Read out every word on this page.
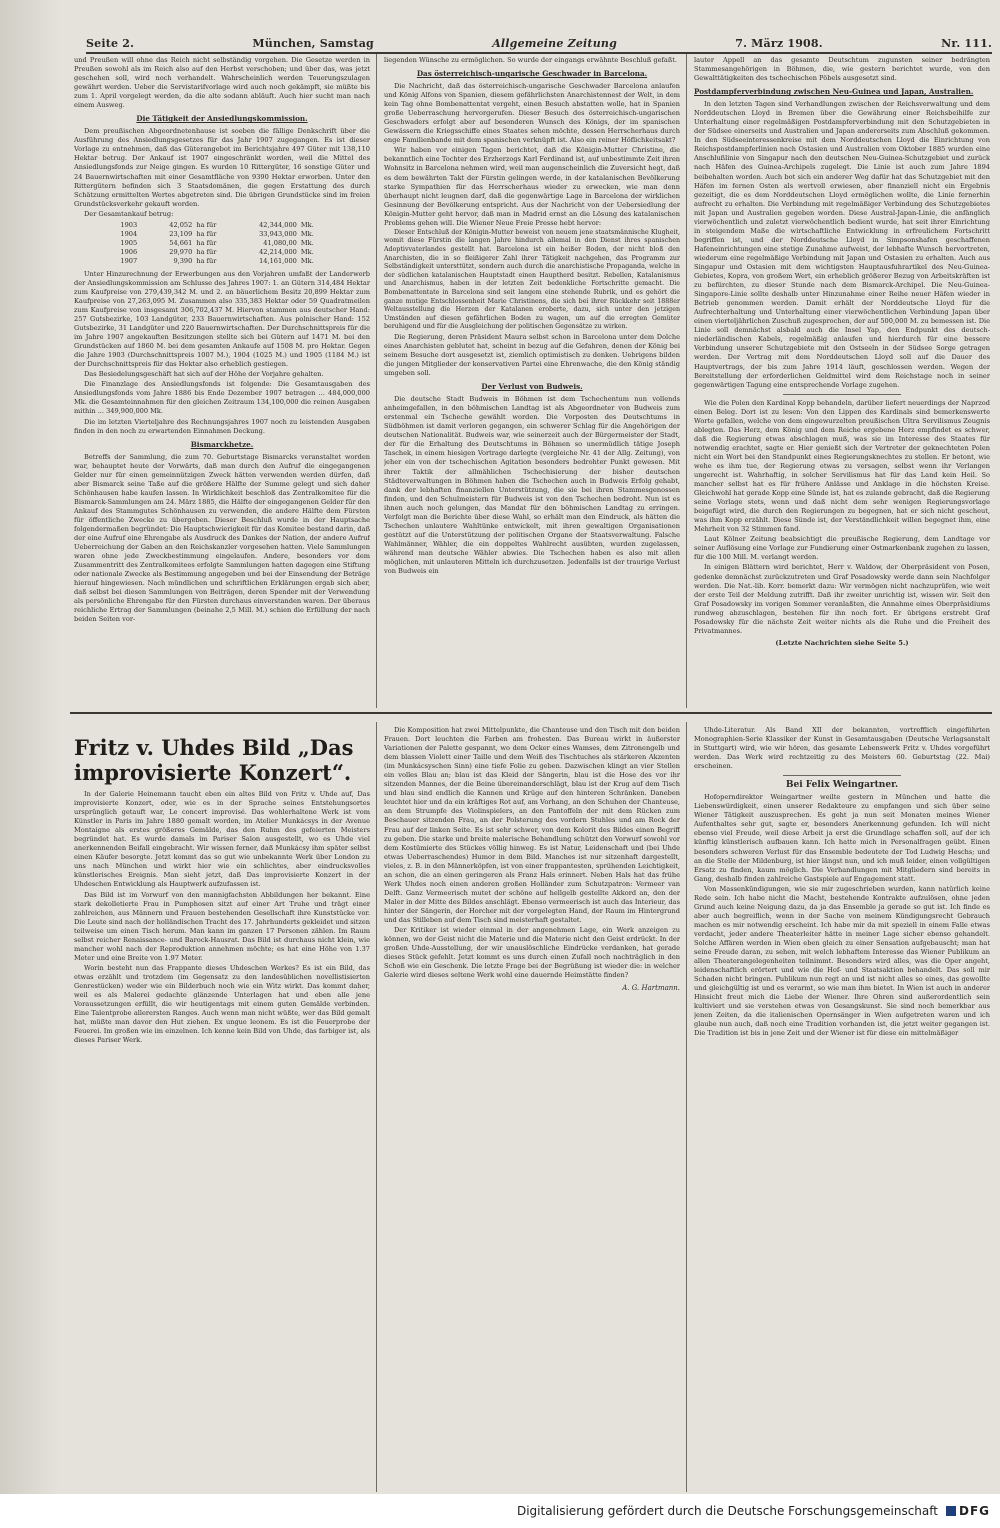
Seite 2.	München, Samstag	Allgemeine Zeitung	7. März 1908.	Nr. 111.

und Preußen will ohne das Reich nicht selbständig vorgehen. Die Gesetze werden in Preußen sowohl als im Reich also auf den Herbst verschoben; und über das, was jetzt geschehen soll, wird noch verhandelt. Wahrscheinlich werden Teuerungszulagen gewährt werden. Ueber die Servistarifvorlage wird auch noch gekämpft, sie müßte bis zum 1. April vorgelegt werden, da die alte sodann abläuft. Auch hier sucht man nach einem Ausweg.

Die Tätigkeit der Ansiedlungskommission.

Dem preußischen Abgeordnetenhause ist soeben die fällige Denkschrift über die Ausführung des Ansiedlungsgesetzes für das Jahr 1907 zugegangen. Es ist dieser Vorlage zu entnehmen, daß das Güterangebot im Berichtsjahre 497 Güter mit 138,110 Hektar betrug. Der Ankauf ist 1907 eingeschränkt worden, weil die Mittel des Ansiedlungsfonds zur Neige gingen. Es wurden 10 Rittergüter, 16 sonstige Güter und 24 Bauernwirtschaften mit einer Gesamtfläche von 9390 Hektar erworben. Unter den Rittergütern befinden sich 3 Staatsdomänen, die gegen Erstattung des durch Schätzung ermittelten Wertes abgetreten sind. Die übrigen Grundstücke sind im freien Grundstücksverkehr gekauft worden.

Der Gesamtankauf betrug:

1903	42,052	ha für	42,344,000	Mk.
1904	23,109	ha für	33,943,000	Mk.
1905	54,661	ha für	41,080,00	Mk.
1906	29,970	ha für	42,214,000	Mk.
1907	9,390	ha für	14,161,000	Mk.

Unter Hinzurechnung der Erwerbungen aus den Vorjahren umfaßt der Landerwerb der Ansiedlungskommission am Schlusse des Jahres 1907: 1. an Gütern 314,484 Hektar zum Kaufpreise von 279,439,342 M. und 2. an bäuerlichem Besitz 20,899 Hektar zum Kaufpreise von 27,263,095 M. Zusammen also 335,383 Hektar oder 59 Quadratmeilen zum Kaufpreise von insgesamt 306,702,437 M. Hiervon stammen aus deutscher Hand: 257 Gutsbezirke, 103 Landgüter, 233 Bauernwirtschaften. Aus polnischer Hand: 152 Gutsbezirke, 31 Landgüter und 220 Bauernwirtschaften. Der Durchschnittspreis für die im Jahre 1907 angekauften Besitzungen stellte sich bei Gütern auf 1471 M. bei den Grundstücken auf 1860 M. bei dem gesamten Ankaufe auf 1508 M. pro Hektar. Gegen die Jahre 1903 (Durchschnittspreis 1007 M.), 1904 (1025 M.) und 1905 (1184 M.) ist der Durchschnittspreis für das Hektar also erheblich gestiegen.

Das Besiedelungsgeschäft hat sich auf der Höhe der Vorjahre gehalten.

Die Finanzlage des Ansiedlungsfonds ist folgende: Die Gesamtausgaben des Ansiedlungsfonds vom Jahre 1886 bis Ende Dezember 1907 betragen ... 484,000,000 Mk. die Gesamteinnahmen für den gleichen Zeitraum 134,100,000 die reinen Ausgaben mithin ... 349,900,000 Mk.

Die im letzten Vierteljahre des Rechnungsjahres 1907 noch zu leistenden Ausgaben finden in den noch zu erwartenden Einnahmen Deckung.

Bismarckhetze.

Betreffs der Sammlung, die zum 70. Geburtstage Bismarcks veranstaltet worden war, behauptet heute der Vorwärts, daß man durch den Aufruf die eingegangenen Gelder nur für einen gemeinnützigen Zweck hätten verwenden werden dürfen, daß aber Bismarck seine Taße auf die größere Hälfte der Summe gelegt und sich daher Schönhausen habe kaufen lassen. In Wirklichkeit beschloß das Zentralkomitee für die Bismarck-Sammlungen am 24. März 1885, die Hälfte der eingegangenen Gelder für den Ankauf des Stammgutes Schönhausen zu verwenden, die andere Hälfte dem Fürsten für öffentliche Zwecke zu übergeben. Dieser Beschluß wurde in der Hauptsache folgendermaßen begründet: Die Hauptschwierigkeit für das Komitee bestand darin, daß der eine Aufruf eine Ehrengabe als Ausdruck des Dankes der Nation, der andere Aufruf Ueberreichung der Gaben an den Reichskanzler vorgesehen hatten. Viele Sammlungen waren ohne jede Zweckbestimmung eingelaufen. Andere, besonders vor dem Zusammentritt des Zentralkomitees erfolgte Sammlungen hatten dagegen eine Stiftung oder nationale Zwecke als Bestimmung angegeben und bei der Einsendung der Beträge hierauf hingewiesen. Nach mündlichen und schriftlichen Erklärungen ergab sich aber, daß selbst bei diesen Sammlungen von Beiträgen, deren Spender mit der Verwendung als persönliche Ehrengabe für den Fürsten durchaus einverstanden waren. Der überaus reichliche Ertrag der Sammlungen (beinahe 2,5 Mill. M.) schien die Erfüllung der nach beiden Seiten vor-

liegenden Wünsche zu ermöglichen. So wurde der eingangs erwähnte Beschluß gefaßt.

Das österreichisch-ungarische Geschwader in Barcelona.

Die Nachricht, daß das österreichisch-ungarische Geschwader Barcelona anlaufen und König Alfons von Spanien, diesem gefährlichsten Anarchistennest der Welt, in dem kein Tag ohne Bombenattentat vergeht, einen Besuch abstatten wolle, hat in Spanien große Ueberraschung hervorgerufen. Dieser Besuch des österreichisch-ungarischen Geschwaders erfolgt aber auf besonderen Wunsch des Königs, der im spanischen Gewässern die Kriegsschiffe eines Staates sehen möchte, dessen Herrscherhaus durch enge Familienbande mit dem spanischen verknüpft ist. Also ein reiner Höflichkeitsakt?

Wir haben vor einigen Tagen berichtet, daß die Königin-Mutter Christine, die bekanntlich eine Tochter des Erzherzogs Karl Ferdinand ist, auf unbestimmte Zeit ihren Wohnsitz in Barcelona nehmen wird, weil man augenscheinlich die Zuversicht hegt, daß es dem bewährten Takt der Fürstin gelingen werde, in der katalanischen Bevölkerung starke Sympathien für das Herrscherhaus wieder zu erwecken, wie man denn überhaupt nicht leugnen darf, daß die gegenwärtige Lage in Barcelona der wirklichen Gesinnung der Bevölkerung entspricht. Aus der Nachricht von der Uebersiedlung der Königin-Mutter geht hervor, daß man in Madrid ernst an die Lösung des katalanischen Problems gehen will. Die Wiener Neue Freie Presse hebt hervor:

Dieser Entschluß der Königin-Mutter beweist von neuem jene staatsmännische Klugheit, womit diese Fürstin die langen Jahre hindurch allemal in den Dienst ihres spanischen Adoptivvaterlandes gestellt hat. Barcelona ist ein heißer Boden, der nicht bloß den Anarchisten, die in so fleißigerer Zahl ihrer Tätigkeit nachgehen, das Programm zur Selbständigkeit untersttützt, sondern auch durch die anarchistische Propaganda, welche in der südlichen katalanischen Hauptstadt einen Hauptherd besitzt. Rebellen, Katalanismus und Anarchismus, haben in der letzten Zeit bedenkliche Fortschritte gemacht. Die Bombenattentate in Barcelona sind seit langem eine stehende Rubrik, und es gehört die ganze mutige Entschlossenheit Marie Christinens, die sich bei ihrer Rückkehr seit 1888er Weltausstellung die Herzen der Katalanen eroberte, dazu, sich unter den jetzigen Umständen auf diesen gefährlichen Boden zu wagen, um auf die erregten Gemüter beruhigend und für die Ausgleichung der politischen Gegensätze zu wirken.

Die Regierung, deren Präsident Maura selbst schon in Barcelona unter dem Dolche eines Anarchisten geblutet hat, scheint in bezug auf die Gefahren, denen der König bei seinem Besuche dort ausgesetzt ist, ziemlich optimistisch zu denken. Uebrigens bilden die jungen Mitglieder der konservativen Partei eine Ehrenwache, die den König ständig umgeben soll.

Der Verlust von Budweis.

Die deutsche Stadt Budweis in Böhmen ist dem Tschechentum nun vollends anheimgefallen, in den böhmischen Landtag ist als Abgeordneter von Budweis zum erstenmal ein Tscheche gewählt worden. Die Vorposten des Deutschtums in Südböhmen ist damit verloren gegangen, ein schwerer Schlag für die Angehörigen der deutschen Nationalität. Budweis war, wie seinerzeit auch der Bürgermeister der Stadt, der für die Erhaltung des Deutschtums in Böhmen so unermüdlich tätige Joseph Taschek, in einem hiesigen Vortrage darlegte (vergleiche Nr. 41 der Allg. Zeitung), von jeher ein von der tschechischen Agitation besonders bedrohter Punkt gewesen. Mit ihrer Taktik der allmählichen Tschechisierung der bisher deutschen Städteverwaltungen in Böhmen haben die Tschechen auch in Budweis Erfolg gehabt, dank der lebhaften finanziellen Unterstützung, die sie bei ihren Stammesgenossen finden, und den Schulmeistern für Budweis ist von den Tschechen bedroht. Nun ist es ihnen auch noch gelungen, das Mandat für den böhmischen Landtag zu erringen. Verfolgt man die Berichte über diese Wahl, so erhält man den Eindruck, als hätten die Tschechen unlautere Wahltünke entwickelt, mit ihren gewaltigen Organisationen gestützt auf die Unterstützung der politischen Organe der Staatsverwaltung. Falsche Wahlmänner, Wähler, die ein doppeltes Wahlrecht ausübten, wurden zugelassen, während man deutsche Wähler abwies. Die Tschechen haben es also mit allen möglichen, mit unlauteren Mitteln ich durchzusetzen. Jedenfalls ist der traurige Verlust von Budweis ein

lauter Appell an das gesamte Deutschtum zugunsten seiner bedrängten Stammesangehörigen in Böhmen, die, wie gestern berichtet wurde, von den Gewalttätigkeiten des tschechischen Pöbels ausgesetzt sind.

Postdampferverbindung zwischen Neu-Guinea und Japan, Australien.

In den letzten Tagen sind Verhandlungen zwischen der Reichsverwaltung und dem Norddeutschen Lloyd in Bremen über die Gewährung einer Reichsbeihilfe zur Unterhaltung einer regelmäßigen Postdampferverbindung mit den Schutzgebieten in der Südsee einerseits und Australien und Japan andererseits zum Abschluß gekommen. In den Südseeinteressenkreise mit dem Norddeutschen Lloyd die Einrichtung von Reichspostdampferlinien nach Ostasien und Australien vom Oktober 1885 wurden eine Anschlußlinie von Singapur nach den deutschen Neu-Guinea-Schutzgebiet und zurück nach Häfen des Guinea-Archipels zugelegt. Die Linie ist auch zum Jahre 1894 beibehalten worden. Auch bot sich ein anderer Weg dafür hat das Schutzgebiet mit den Häfen im fernen Osten als wertvoll erwiesen, aber finanziell nicht ein Ergebnis gezeitigt, die es dem Norddeutschen Lloyd ermöglichen wollte, die Linie fernerhin aufrecht zu erhalten. Die Verbindung mit regelmäßiger Verbindung des Schutzgebietes mit Japan und Australien gegeben worden. Diese Austral-Japan-Linie, die anfänglich vierwöchentlich und zuletzt vierwöchentlich bedient wurde, hat seit ihrer Einrichtung in steigendem Maße die wirtschaftliche Entwicklung in erfreulichem Fortschritt begriffen ist, und der Norddeutsche Lloyd in Simpsonshafen geschaffenen Hafeneinrichtungen eine stetige Zunahme aufweist, der lebhafte Wunsch hervortreten, wiederum eine regelmäßige Verbindung mit Japan und Ostasien zu erhalten. Auch aus Singapur und Ostasien mit dem wichtigsten Hauptausfuhrartikel des Neu-Guinea-Gebietes, Kopra, von großem Wert, ein erheblich größerer Bezug von Arbeitskräften ist zu befürchten, zu dieser Stunde nach dem Bismarck-Archipel. Die Neu-Guinea-Singapore-Linie sollte deshalb unter Hinzunahme einer Reihe neuer Häfen wieder in Betrieb genommen werden. Damit erhält der Norddeutsche Lloyd für die Aufrechterhaltung und Unterhaltung einer vierwöchentlichen Verbindung Japan über einen vierteljährlichen Zuschuß zugesprochen, der auf 500,000 M. zu bemessen ist. Die Linie soll demnächst alsbald auch die Insel Yap, den Endpunkt des deutsch-niederländischen Kabels, regelmäßig anlaufen und hierdurch für eine bessere Verbindung unserer Schutzgebiete mit den Ostseeln in der Südsee Sorge getragen werden. Der Vertrag mit dem Norddeutschen Lloyd soll auf die Dauer des Hauptvertrags, der bis zum Jahre 1914 läuft, geschlossen werden. Wegen der Bereitstellung der erforderlichen Geldmittel wird dem Reichstage noch in seiner gegenwärtigen Tagung eine entsprechende Vorlage zugehen.

Wie die Polen den Kardinal Kopp behandeln, darüber liefert neuerdings der Naprzod einen Beleg. Dort ist zu lesen: Von den Lippen des Kardinals sind bemerkenswerte Worte gefallen, welche von dem eingewurzelten preußischen Ultra Servilismus Zeugnis ablegten. Das Herz, dem König und dem Reiche ergebene Herz empfindet es schwer, daß die Regierung etwas abschlagen muß, was sie im Interesse des Staates für notwendig erachtet, sagte er. Hier genießt sich der Vertreter der geknechteten Polen nicht ein Wort bei den Standpunkt eines Regierungsknechtes zu stellen. Er betont, wie wehe es ihm tue, der Regierung etwas zu versagen, selbst wenn ihr Verlangen ungerecht ist. Wahrhaftig, in solcher Servilismus hat für das Land kein Heil. So mancher selbst hat es für frühere Anlässe und Anklage in die höchsten Kreise. Gleichwohl hat gerade Kopp eine Sünde ist, hat es zulande gebracht, daß die Regierung seine Vorlage stets, wenn und daß nicht dem sehr wenigen Regierungsvorlage beigefügt wird, die durch den Regierungen zu begegnen, hat er sich nicht gescheut, was ihm Kopp erzählt. Diese Sünde ist, der Verständlichkeit willen begegnet ihm, eine Mehrheit von 32 Stimmen fand.

Laut Kölner Zeitung beabsichtigt die preußische Regierung, dem Landtage vor seiner Auflösung eine Vorlage zur Fundierung einer Ostmarkenbank zugehen zu lassen, für die 100 Mill. M. verlangt werden.

In einigen Blättern wird berichtet, Herr v. Waldow, der Oberpräsident von Posen, gedenke demnächst zurückzutreten und Graf Posadowsky werde dann sein Nachfolger werden. Die Nat.-lib. Korr. bemerkt dazu: Wir vermögen nicht nachzuprüfen, wie weit der erste Teil der Meldung zutrifft. Daß ihr zweiter unrichtig ist, wissen wir. Seit den Graf Posadowsky im vorigen Sommer veranlaßten, die Annahme eines Oberpräsidiums rundweg abzuschlagen, bestehen für ihn noch fort. Er übrigens erstrebt Graf Posadowsky für die nächste Zeit weiter nichts als die Ruhe und die Freiheit des Privatmannes.

(Letzte Nachrichten siehe Seite 5.)
Fritz v. Uhdes Bild „Das improvisierte Konzert“.

In der Galerie Heinemann taucht eben ein altes Bild von Fritz v. Uhde auf, Das improvisierte Konzert, oder, wie es in der Sprache seines Entstehungsortes ursprünglich getauft war, Le concert improvisé. Das wohlerhaltene Werk ist vom Künstler in Paris im Jahre 1880 gemalt worden, im Atelier Munkácsys in der Avenue Montaigne als erstes größeres Gemälde, das den Ruhm des gefeierten Meisters begründet hat. Es wurde damals im Pariser Salon ausgestellt, wo es Uhde viel anerkennenden Beifall eingebracht. Wir wissen ferner, daß Munkácsy ihm später selbst einen Käufer besorgte. Jetzt kommt das so gut wie unbekannte Werk über London zu uns nach München und wirkt hier wie ein schlichtes, aber eindrucksvolles künstlerisches Ereignis. Man sieht jetzt, daß Das improvisierte Konzert in der Uhdeschen Entwicklung als Hauptwerk aufzufassen ist.

Das Bild ist im Vorwurf von den mannigfachsten Abbildungen her bekannt. Eine stark dekolletierte Frau in Pumphosen sitzt auf einer Art Truhe und trägt einer zahlreichen, aus Männern und Frauen bestehenden Gesellschaft ihre Kunststücke vor. Die Leute sind nach der holländischen Tracht des 17. Jahrhunderts gekleidet und sitzen teilweise um einen Tisch herum. Man kann im ganzen 17 Personen zählen. Im Raum selbst reicher Renaissance- und Barock-Hausrat. Das Bild ist durchaus nicht klein, wie mancher wohl nach der Reproduktion annehmen möchte; es hat eine Höhe von 1.37 Meter und eine Breite von 1.97 Meter.

Worin besteht nun das Frappante dieses Uhdeschen Werkes? Es ist ein Bild, das etwas erzählt und trotzdem (im Gegensatz zu den landesüblichen novellistisierten Genrestücken) weder wie ein Bilderbuch noch wie ein Witz wirkt. Das kommt daher, weil es als Malerei gedachte glänzende Unterlagen hat und eben alle jene Voraussetzungen erfüllt, die wir heutigentags mit einem guten Gemälde verbinden. Eine Talentprobe allerersten Ranges. Auch wenn man nicht wüßte, wer das Bild gemalt hat, müßte man davor den Hut ziehen. Ex ungue leonem. Es ist die Feuerprobe der Feuerei. Im großen wie im einzelnen. Ich kenne kein Bild von Uhde, das farbiger ist, als dieses Pariser Werk.

Die Komposition hat zwei Mittelpunkte, die Chanteuse und den Tisch mit den beiden Frauen. Dort leuchten die Farben am frohesten. Das Bureau wirkt in äußerster Variationen der Palette gespannt, wo dem Ocker eines Wamses, dem Zitronengelb und dem blassen Violett einer Taille und dem Weiß des Tischtuches als stärkeren Akzenten (im Munkácsyschen Sinn) eine tiefe Folie zu geben. Dazwischen klingt an vier Stellen ein volles Blau an; blau ist das Kleid der Sängerin, blau ist die Hose des vor ihr sitzenden Mannes, der die Beine übereinanderschlägt, blau ist der Krug auf dem Tisch und blau sind endlich die Kannen und Krüge auf den hinteren Schränken. Daneben leuchtet hier und da ein kräftiges Rot auf, am Vorhang, an den Schuhen der Chanteuse, an dem Strumpfe des Violinspielers, an den Pantoffeln der mit dem Rücken zum Beschauer sitzenden Frau, an der Polsterung des vordern Stuhles und am Rock der Frau auf der linken Seite. Es ist sehr schwer, von dem Kolorit des Bildes einen Begriff zu geben. Die starke und breite malerische Behandlung schützt den Vorwurf sowohl vor dem Kostümierte des Stückes völlig hinweg. Es ist Natur, Leidenschaft und (bei Uhde etwas Ueberraschendes) Humor in dem Bild. Manches ist nur sitzenhaft dargestellt, vieles, z. B. in den Männerköpfen, ist von einer frappantesten, sprühenden Leichtigkeit, an schon, die an einen geringeren als Franz Hals erinnert. Neben Hals hat das frühe Werk Uhdes noch einen anderen großen Holländer zum Schutzpatron: Vermeer van Delft. Ganz Vermeerisch mutet der schöne auf hellgelb gestellte Akkord an, den der Maler in der Mitte des Bildes anschlägt. Ebenso vermeerisch ist auch das Interieur, das hinter der Sängerin, der Horcher mit der vorgelegten Hand, der Raum im Hintergrund und das Stilleben auf dem Tisch sind meisterhaft gestaltet.

Der Kritiker ist wieder einmal in der angenehmen Lage, ein Werk anzeigen zu können, wo der Geist nicht die Materie und die Materie nicht den Geist erdrückt. In der großen Uhde-Ausstellung, der wir unauslöschliche Eindrücke verdanken, hat gerade dieses Stück gefehlt. Jetzt kommt es uns durch einen Zufall noch nachträglich in den Schoß wie ein Geschenk. Die letzte Frage bei der Begrüßung ist wieder die: in welcher Galerie wird dieses seltene Werk wohl eine dauernde Heimstätte finden?

A. G. Hartmann.

Uhde-Literatur. Als Band XII der bekannten, vortrefflich eingeführten Monographien-Serie Klassiker der Kunst in Gesamtausgaben (Deutsche Verlagsanstalt in Stuttgart) wird, wie wir hören, das gesamte Lebenswerk Fritz v. Uhdes vorgeführt werden. Das Werk wird rechtzeitig zu des Meisters 60. Geburtstag (22. Mai) erscheinen.

Bei Felix Weingartner.

Hofoperndirektor Weingartner weilte gestern in München und hatte die Liebenswürdigkeit, einen unserer Redakteure zu empfangen und sich über seine Wiener Tätigkeit auszusprechen. Es geht ja nun seit Monaten meines Wiener Aufenthaltes sehr gut, sagte er, besonders Anerkennung gefunden. Ich will nicht ebenso viel Freude, weil diese Arbeit ja erst die Grundlage schaffen soll, auf der ich künftig künstlerisch aufbauen kann. Ich hatte mich in Personalfragen geübt. Einen besonders schweren Verlust für das Ensemble bedeutete der Tod Ludwig Heschs; und an die Stelle der Mildenburg, ist hier längst nun, und ich muß leider, einen vollgültigen Ersatz zu finden, kaum möglich. Die Verhandlungen mit Mitgliedern sind bereits in Gang, deshalb finden zahlreiche Gastspiele auf Engagement statt.

Von Massenkündigungen, wie sie mir zugeschrieben wurden, kann natürlich keine Rede sein. Ich habe nicht die Macht, bestehende Kontrakte aufzulösen, ohne jeden Grund auch keine Neigung dazu, da ja das Ensemble ja gerade so gut ist. Ich finde es aber auch begreiflich, wenn in der Sache von meinem Kündigungsrecht Gebrauch machen es mir notwendig erscheint. Ich habe mir da mit speziell in einem Falle etwas verdacht, jeder andere Theaterleiter hätte in meiner Lage sicher ebenso gehandelt. Solche Affären werden in Wien eben gleich zu einer Sensation aufgebauscht; man hat seine Freude daran, zu sehen, mit welch lebhaftem Interesse das Wiener Publikum an allen Theaterangelegenheiten teilnimmt. Besonders wird alles, was die Oper angeht, leidenschaftlich erörtert und wie die Hof- und Staatsaktion behandelt. Das soll mir Schaden nicht bringen. Publikum nun regt an und ist nicht alles so eines, das gewollte und gleichgültig ist und es verarmt, so wie man ihm bietet. In Wien ist auch in anderer Hinsicht freut mich die Liebe der Wiener. Ihre Ohren sind außerordentlich sein kultiviert und sie verstehen etwas von Gesangskunst. Sie sind noch bemerkbar aus jenen Zeiten, da die italienischen Opernsänger in Wien aufgetreten waren und ich glaube nun auch, daß noch eine Tradition vorhanden ist, die jetzt weiter gegangen ist. Die Tradition ist bis in jene Zeit und der Wiener ist für diese ein mittelmäßiger

Digitalisierung gefördert durch die Deutsche Forschungsgemeinschaft DFG
